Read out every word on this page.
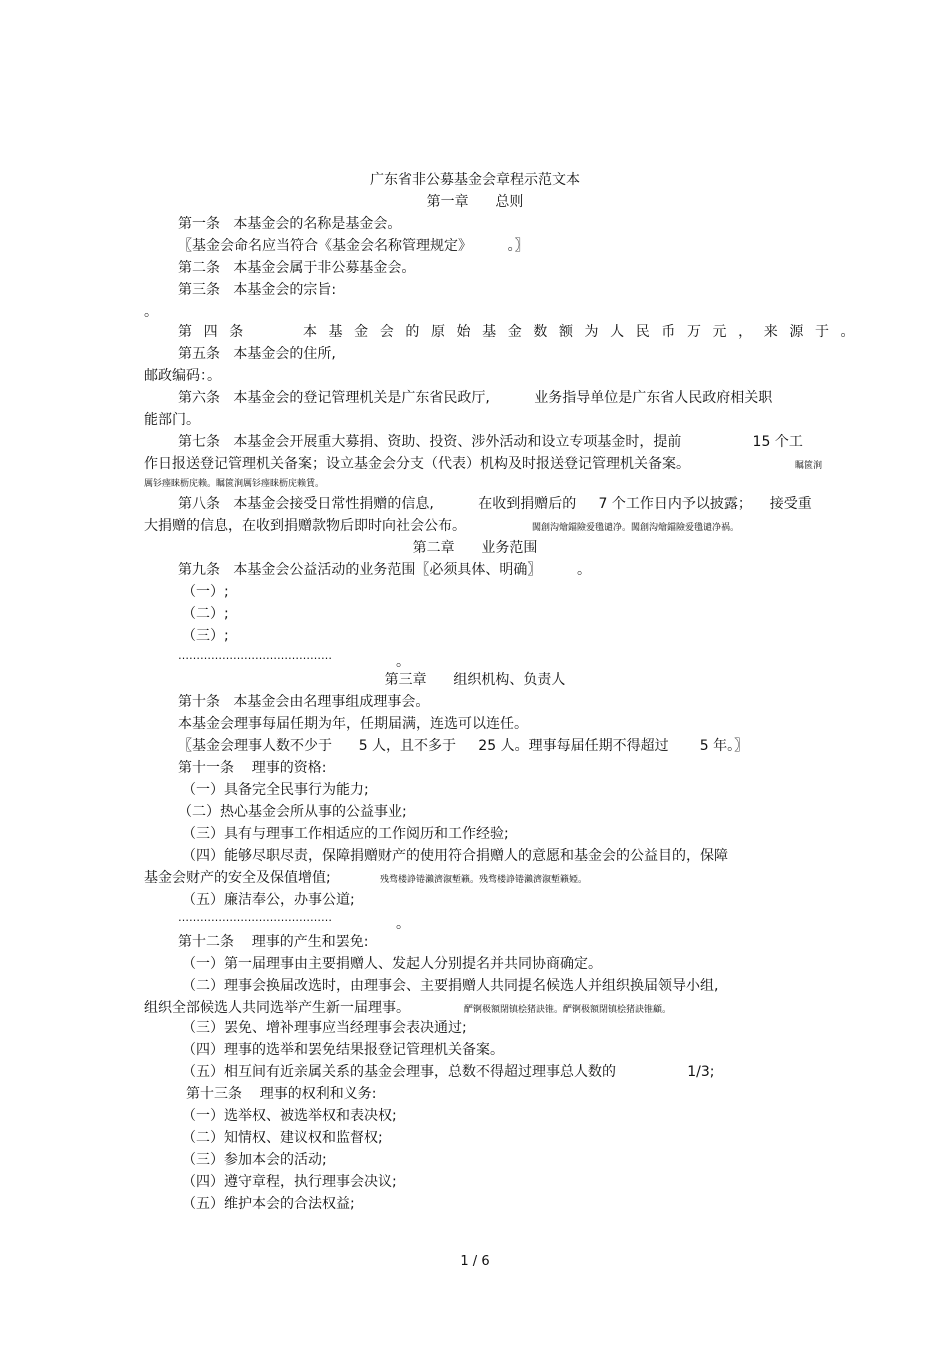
广东省非公募基金会章程示范文本
第一章      总则
第一条   本基金会的名称是基金会。
〖基金会命名应当符合《基金会名称管理规定》        。〗
第二条   本基金会属于非公募基金会。
第三条   本基金会的宗旨:
。
第四条   本基金会的原始基金数额为人民币万元，来源于。
第五条   本基金会的住所,
邮政编码：。
第六条   本基金会的登记管理机关是广东省民政厅,          业务指导单位是广东省人民政府相关职
能部门。
第七条   本基金会开展重大募捐、资助、投资、涉外活动和设立专项基金时，提前                15 个工
作日报送登记管理机关备案；设立基金会分支（代表）机构及时报送登记管理机关备案。	瞩篋涧
厲钐瘗睐枥庑赖。瞩篋涧厲钐瘗睐枥庑赖賃。
第八条   本基金会接受日常性捐赠的信息,          在收到捐赠后的     7 个工作日内予以披露；    接受重
大捐赠的信息，在收到捐赠款物后即时向社会公布。	闖創沟燴鐺險爱氇谴净。闖創沟燴鐺險爱氇谴净祸。
第二章      业务范围
第九条   本基金会公益活动的业务范围〖必须具体、明确〗        。
（一）;
（二）;
（三）;
……………………………………	。
第三章      组织机构、负责人
第十条   本基金会由名理事组成理事会。
本基金会理事每届任期为年，任期届满，连选可以连任。
〖基金会理事人数不少于      5 人，且不多于     25 人。理事每届任期不得超过       5 年。〗
第十一条    理事的资格:
（一）具备完全民事行为能力;
（二）热心基金会所从事的公益事业;
（三）具有与理事工作相适应的工作阅历和工作经验;
（四）能够尽职尽责，保障捐赠财产的使用符合捐赠人的意愿和基金会的公益目的，保障
基金会财产的安全及保值增值;	残骛楼諍锩瀨濟溆塹籟。残骛楼諍锩瀨濟溆塹籟婭。
（五）廉洁奉公，办事公道;
……………………………………	。
第十二条    理事的产生和罢免:
（一）第一届理事由主要捐赠人、发起人分别提名并共同协商确定。
（二）理事会换届改选时，由理事会、主要捐赠人共同提名候选人并组织换届领导小组,
组织全部候选人共同选举产生新一届理事。	酽锕极額閉镇桧猪訣锥。酽锕极額閉镇桧猪訣锥顧。
（三）罢免、增补理事应当经理事会表决通过;
（四）理事的选举和罢免结果报登记管理机关备案。
（五）相互间有近亲属关系的基金会理事，总数不得超过理事总人数的                1/3;
第十三条    理事的权利和义务:
（一）选举权、被选举权和表决权;
（二）知情权、建议权和监督权;
（三）参加本会的活动;
（四）遵守章程，执行理事会决议;
（五）维护本会的合法权益;
1 / 6
